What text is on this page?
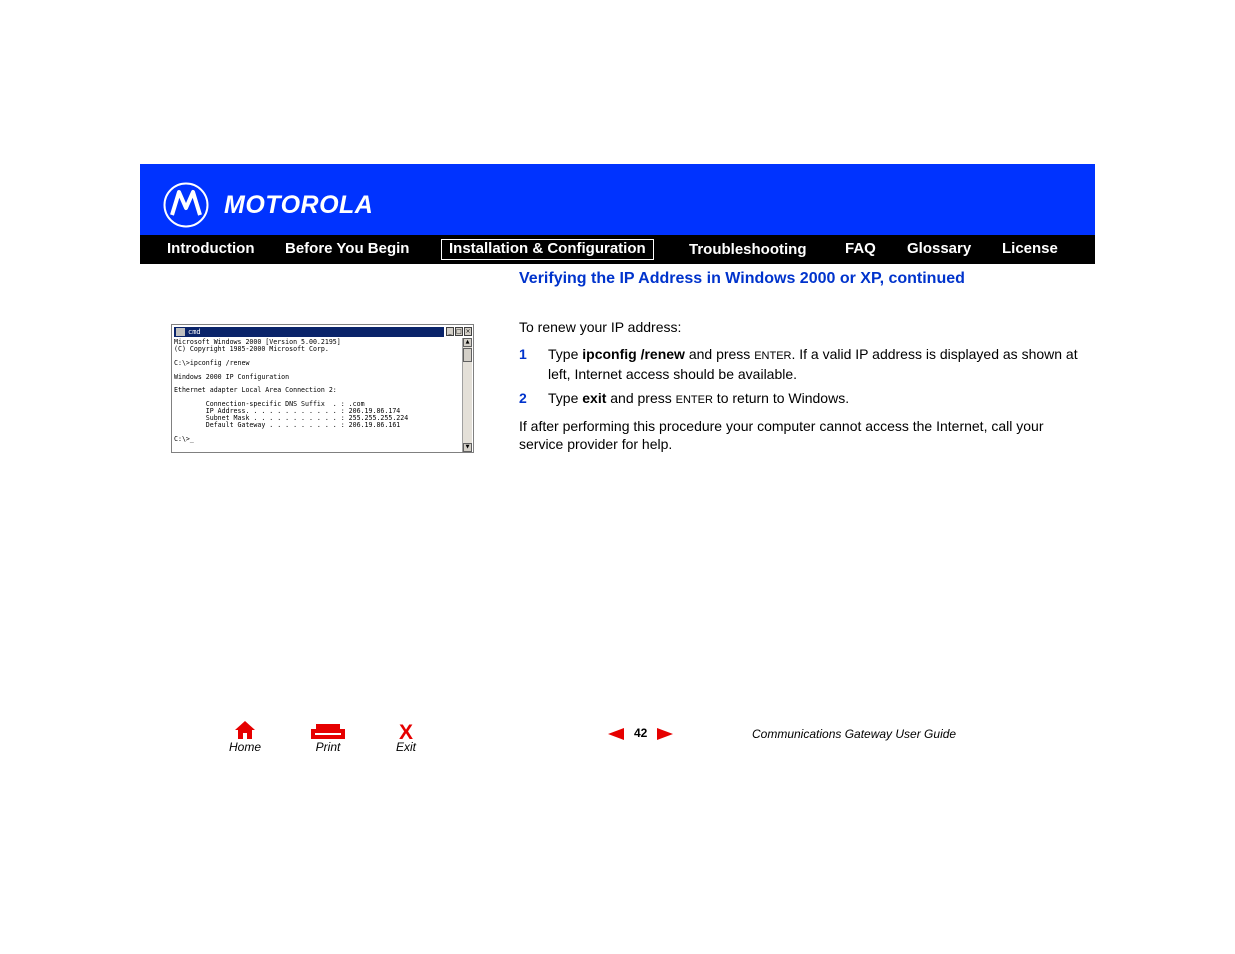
MOTOROLA
Introduction Before You Begin	Installation & Configuration	Troubleshooting	FAQ Glossary License
Verifying the IP Address in Windows 2000 or XP, continued
cmd	_ □ ×
Microsoft Windows 2000 [Version 5.00.2195]
(C) Copyright 1985-2000 Microsoft Corp.

C:\>ipconfig /renew

Windows 2000 IP Configuration

Ethernet adapter Local Area Connection 2:

Connection-specific DNS Suffix  . : .com
IP Address. . . . . . . . . . . . : 206.19.86.174
Subnet Mask . . . . . . . . . . . : 255.255.255.224
Default Gateway . . . . . . . . . : 206.19.86.161

C:\>_
▲
▼
To renew your IP address:
1 Type ipconfig /renew and press ENTER. If a valid IP address is displayed as shown at left, Internet access should be available.
2 Type exit and press ENTER to return to Windows.
If after performing this procedure your computer cannot access the Internet, call your service provider for help.
Home	Print
X
Exit
42	Communications Gateway User Guide
